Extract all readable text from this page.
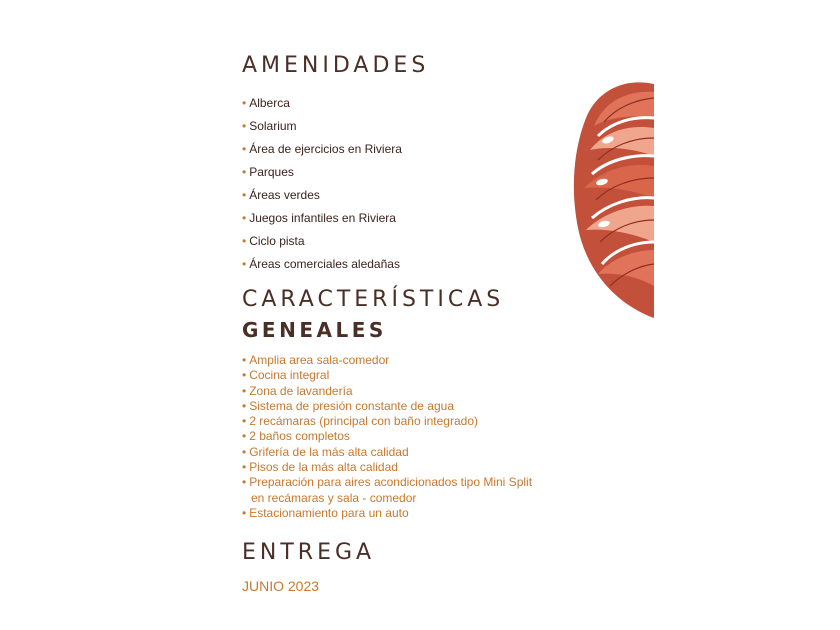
AMENIDADES
• Alberca
• Solarium
• Área de ejercicios en Riviera
• Parques
• Áreas verdes
• Juegos infantiles en Riviera
• Ciclo pista
• Áreas comerciales aledañas
CARACTERÍSTICAS
GENEALES
• Amplia area sala-comedor
• Cocina integral
• Zona de lavandería
• Sistema de presión constante de agua
• 2 recámaras (principal con baño integrado)
• 2 baños completos
• Grifería de la más alta calidad
• Pisos de la más alta calidad
• Preparación para aires acondicionados tipo Mini Split
en recámaras y sala - comedor
• Estacionamiento para un auto
ENTREGA
JUNIO 2023
